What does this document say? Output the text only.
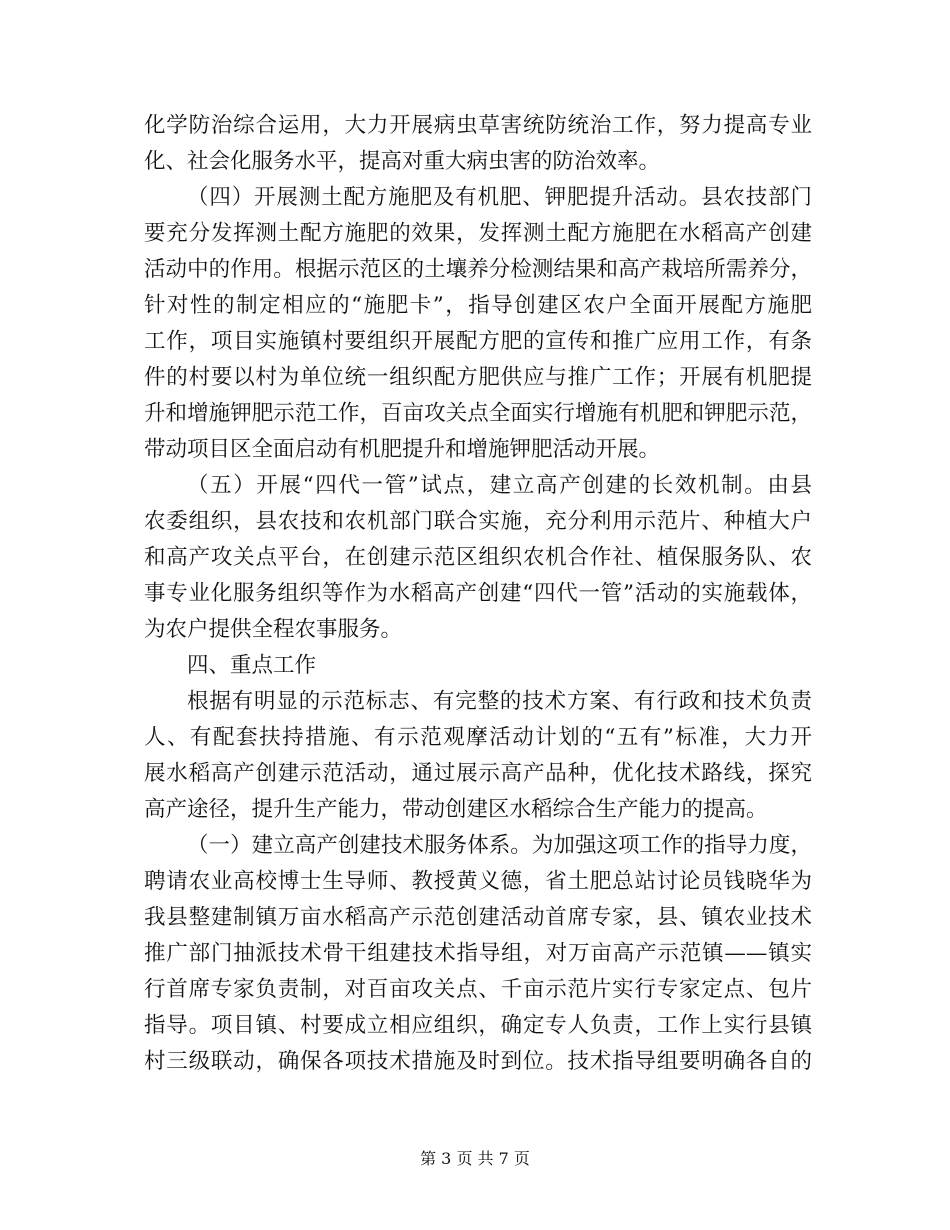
化学防治综合运用，大力开展病虫草害统防统治工作，努力提高专业
化、社会化服务水平，提高对重大病虫害的防治效率。
（四）开展测土配方施肥及有机肥、钾肥提升活动。县农技部门
要充分发挥测土配方施肥的效果，发挥测土配方施肥在水稻高产创建
活动中的作用。根据示范区的土壤养分检测结果和高产栽培所需养分，
针对性的制定相应的“施肥卡”，指导创建区农户全面开展配方施肥
工作，项目实施镇村要组织开展配方肥的宣传和推广应用工作，有条
件的村要以村为单位统一组织配方肥供应与推广工作；开展有机肥提
升和增施钾肥示范工作，百亩攻关点全面实行增施有机肥和钾肥示范，
带动项目区全面启动有机肥提升和增施钾肥活动开展。
（五）开展“四代一管”试点，建立高产创建的长效机制。由县
农委组织，县农技和农机部门联合实施，充分利用示范片、种植大户
和高产攻关点平台，在创建示范区组织农机合作社、植保服务队、农
事专业化服务组织等作为水稻高产创建“四代一管”活动的实施载体，
为农户提供全程农事服务。
四、重点工作
根据有明显的示范标志、有完整的技术方案、有行政和技术负责
人、有配套扶持措施、有示范观摩活动计划的“五有”标准，大力开
展水稻高产创建示范活动，通过展示高产品种，优化技术路线，探究
高产途径，提升生产能力，带动创建区水稻综合生产能力的提高。
（一）建立高产创建技术服务体系。为加强这项工作的指导力度，
聘请农业高校博士生导师、教授黄义德，省土肥总站讨论员钱晓华为
我县整建制镇万亩水稻高产示范创建活动首席专家，县、镇农业技术
推广部门抽派技术骨干组建技术指导组，对万亩高产示范镇——镇实
行首席专家负责制，对百亩攻关点、千亩示范片实行专家定点、包片
指导。项目镇、村要成立相应组织，确定专人负责，工作上实行县镇
村三级联动，确保各项技术措施及时到位。技术指导组要明确各自的
第 3 页 共 7 页
